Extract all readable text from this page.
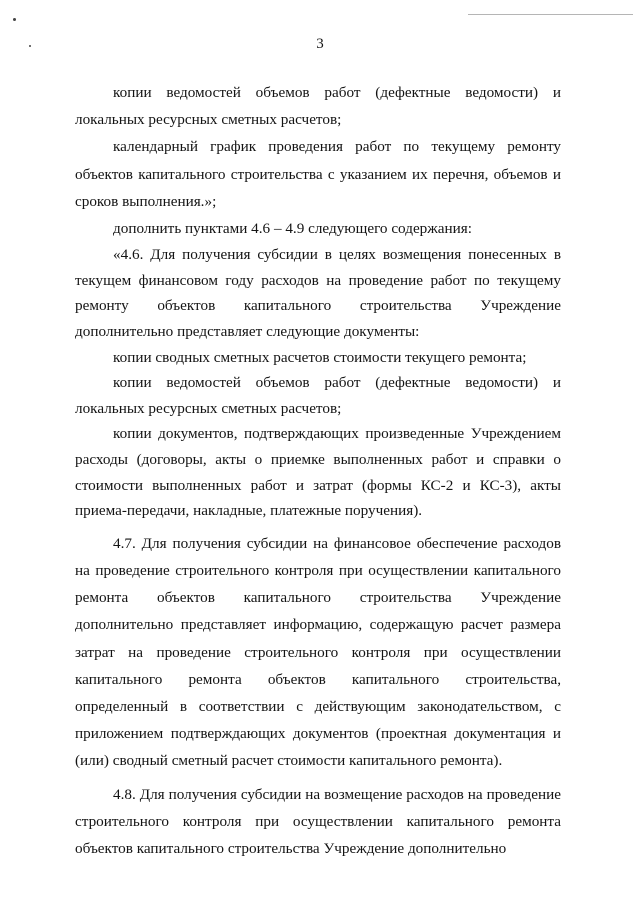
3

копии ведомостей объемов работ (дефектные ведомости) и локальных ресурсных сметных расчетов;

календарный график проведения работ по текущему ремонту объектов капитального строительства с указанием их перечня, объемов и сроков выполнения.»;

дополнить пунктами 4.6 – 4.9 следующего содержания:

«4.6. Для получения субсидии в целях возмещения понесенных в текущем финансовом году расходов на проведение работ по текущему ремонту объектов капитального строительства Учреждение дополнительно представляет следующие документы:

копии сводных сметных расчетов стоимости текущего ремонта;

копии ведомостей объемов работ (дефектные ведомости) и локальных ресурсных сметных расчетов;

копии документов, подтверждающих произведенные Учреждением расходы (договоры, акты о приемке выполненных работ и справки о стоимости выполненных работ и затрат (формы КС-2 и КС-3), акты приема-передачи, накладные, платежные поручения).

4.7. Для получения субсидии на финансовое обеспечение расходов на проведение строительного контроля при осуществлении капитального ремонта объектов капитального строительства Учреждение дополнительно представляет информацию, содержащую расчет размера затрат на проведение строительного контроля при осуществлении капитального ремонта объектов капитального строительства, определенный в соответствии с действующим законодательством, с приложением подтверждающих документов (проектная документация и (или) сводный сметный расчет стоимости капитального ремонта).

4.8. Для получения субсидии на возмещение расходов на проведение строительного контроля при осуществлении капитального ремонта объектов капитального строительства Учреждение дополнительно
